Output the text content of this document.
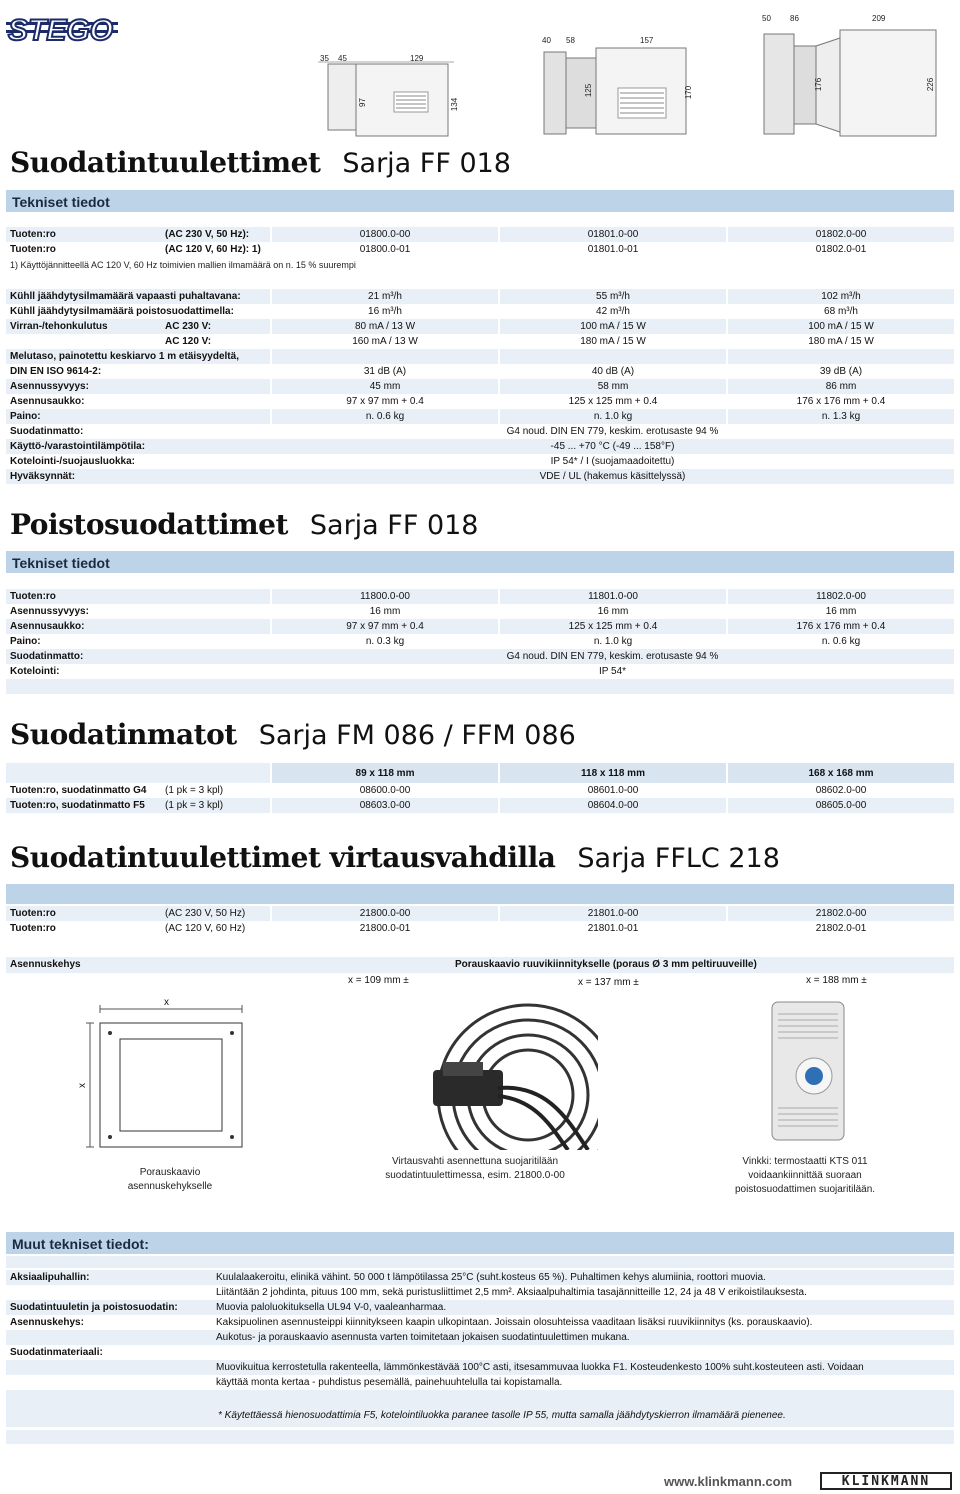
STEGO
35 45	129
97	134
40 58	157
125	170
50 86	209
176	226
Suodatintuulettimet Sarja FF 018
Tekniset tiedot
Tuoten:ro	(AC 230 V, 50 Hz):	01800.0-00	01801.0-00	01802.0-00
Tuoten:ro	(AC 120 V, 60 Hz): 1)	01800.0-01	01801.0-01	01802.0-01
1) Käyttöjännitteellä AC 120 V, 60 Hz toimivien mallien ilmamäärä on n. 15 % suurempi
Kühll jäähdytysilmamäärä vapaasti puhaltavana:		21 m³/h	55 m³/h	102 m³/h
Kühll jäähdytysilmamäärä poistosuodattimella:		16 m³/h	42 m³/h	68 m³/h
Virran-/tehonkulutus	AC 230 V:	80 mA / 13 W	100 mA / 15 W	100 mA / 15 W
	AC 120 V:	160 mA / 13 W	180 mA / 15 W	180 mA / 15 W
Melutaso, painotettu keskiarvo 1 m etäisyydeltä,				
DIN EN ISO 9614-2:		31 dB (A)	40 dB (A)	39 dB (A)
Asennussyvyys:		45 mm	58 mm	86 mm
Asennusaukko:		97 x 97 mm + 0.4	125 x 125 mm + 0.4	176 x 176 mm + 0.4
Paino:		n. 0.6 kg	n. 1.0 kg	n. 1.3 kg
Suodatinmatto:		G4 noud. DIN EN 779, keskim. erotusaste 94 %		
Käyttö-/varastointilämpötila:		-45 ... +70 °C (-49 ... 158°F)		
Kotelointi-/suojausluokka:		IP 54* / I (suojamaadoitettu)		
Hyväksynnät:		VDE / UL (hakemus käsittelyssä)		
Poistosuodattimet Sarja FF 018
Tekniset tiedot
Tuoten:ro	11800.0-00	11801.0-00	11802.0-00
Asennussyvyys:	16 mm	16 mm	16 mm
Asennusaukko:	97 x 97 mm + 0.4	125 x 125 mm + 0.4	176 x 176 mm + 0.4
Paino:	n. 0.3 kg	n. 1.0 kg	n. 0.6 kg
Suodatinmatto:	G4 noud. DIN EN 779, keskim. erotusaste 94 %		
Kotelointi:	IP 54*		

Suodatinmatot Sarja FM 086 / FFM 086
		89 x 118 mm	118 x 118 mm	168 x 168 mm
Tuoten:ro, suodatinmatto G4	(1 pk = 3 kpl)	08600.0-00	08601.0-00	08602.0-00
Tuoten:ro, suodatinmatto F5	(1 pk = 3 kpl)	08603.0-00	08604.0-00	08605.0-00
Suodatintuulettimet virtausvahdilla Sarja FFLC 218
Tuoten:ro	(AC 230 V, 50 Hz)	21800.0-00	21801.0-00	21802.0-00
Tuoten:ro	(AC 120 V, 60 Hz)	21800.0-01	21801.0-01	21802.0-01
Asennuskehys	Porauskaavio ruuvikiinnitykselle (poraus Ø 3 mm peltiruuveille)
x = 109 mm ±	x = 137 mm ±	x = 188 mm ±
x
x
Porauskaavio asennuskehykselle
Virtausvahti asennettuna suojaritilään suodatintuulettimessa, esim. 21800.0-00
Vinkki: termostaatti KTS 011 voidaankiinnittää suoraan poistosuodattimen suojaritilään.
Muut tekniset tiedot:
Aksiaalipuhallin:	Kuulalaakeroitu, elinikä vähint. 50 000 t lämpötilassa 25°C (suht.kosteus 65 %). Puhaltimen kehys alumiinia, roottori muovia.
	Liitäntään 2 johdinta, pituus 100 mm, sekä puristusliittimet 2,5 mm². Aksiaalpuhaltimia tasajännitteille 12, 24 ja 48 V erikoistilauksesta.
Suodatintuuletin ja poistosuodatin:	Muovia paloluokituksella UL94 V-0, vaaleanharmaa.
Asennuskehys:	Kaksipuolinen asennusteippi kiinnitykseen kaapin ulkopintaan. Joissain olosuhteissa vaaditaan lisäksi ruuvikiinnitys (ks. porauskaavio).
	Aukotus- ja porauskaavio asennusta varten toimitetaan jokaisen suodatintuulettimen mukana.
Suodatinmateriaali:	
	Muovikuitua kerrostetulla rakenteella, lämmönkestävää 100°C asti, itsesammuvaa luokka F1. Kosteudenkesto 100% suht.kosteuteen asti. Voidaan
	käyttää monta kertaa - puhdistus pesemällä, painehuuhtelulla tai kopistamalla.

* Käytettäessä hienosuodattimia F5, kotelointiluokka paranee tasolle IP 55, mutta samalla jäähdytyskierron ilmamäärä pienenee.
www.klinkmann.com	KLINKMANN
